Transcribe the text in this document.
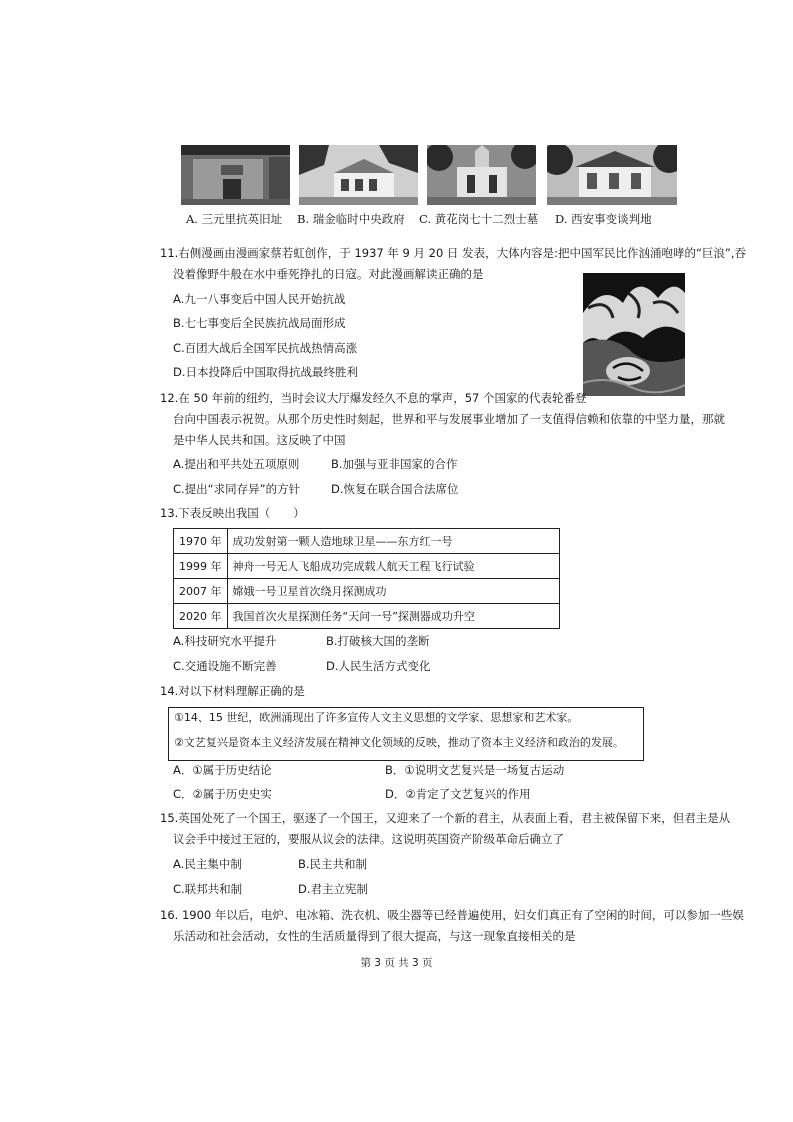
A. 三元里抗英旧址 B. 瑞金临时中央政府 C. 黄花岗七十二烈士墓 D. 西安事变谈判地
11.右侧漫画由漫画家蔡若虹创作，于 1937 年 9 月 20 日 发表，大体内容是:把中国军民比作汹涌咆哮的“巨浪”,吞
没着像野牛般在水中垂死挣扎的日寇。对此漫画解读正确的是
A.九一八事变后中国人民开始抗战
B.七七事变后全民族抗战局面形成
C.百团大战后全国军民抗战热情高涨
D.日本投降后中国取得抗战最终胜利
12.在 50 年前的纽约，当时会议大厅爆发经久不息的掌声，57 个国家的代表轮番登
台向中国表示祝贺。从那个历史性时刻起，世界和平与发展事业增加了一支值得信赖和依靠的中坚力量，那就
是中华人民共和国。这反映了中国
A.提出和平共处五项原则	B.加强与亚非国家的合作
C.提出“求同存异”的方针	D.恢复在联合国合法席位
13.下表反映出我国（　　）
1970 年	成功发射第一颗人造地球卫星——东方红一号
1999 年	神舟一号无人飞船成功完成载人航天工程飞行试验
2007 年	嫦娥一号卫星首次绕月探测成功
2020 年	我国首次火星探测任务“天问一号”探测器成功升空
A.科技研究水平提升	B.打破核大国的垄断
C.交通设施不断完善	D.人民生活方式变化
14.对以下材料理解正确的是
①14、15 世纪，欧洲涌现出了许多宣传人文主义思想的文学家、思想家和艺术家。
②文艺复兴是资本主义经济发展在精神文化领域的反映，推动了资本主义经济和政治的发展。
A．①属于历史结论	B．①说明文艺复兴是一场复古运动
C．②属于历史史实	D．②肯定了文艺复兴的作用
15.英国处死了一个国王，驱逐了一个国王，又迎来了一个新的君主，从表面上看，君主被保留下来，但君主是从
议会手中接过王冠的，要服从议会的法律。这说明英国资产阶级革命后确立了
A.民主集中制	B.民主共和制
C.联邦共和制	D.君主立宪制
16. 1900 年以后，电炉、电冰箱、洗衣机、吸尘器等已经普遍使用，妇女们真正有了空闲的时间，可以参加一些娱
乐活动和社会活动，女性的生活质量得到了很大提高，与这一现象直接相关的是
第 3 页 共 3 页
